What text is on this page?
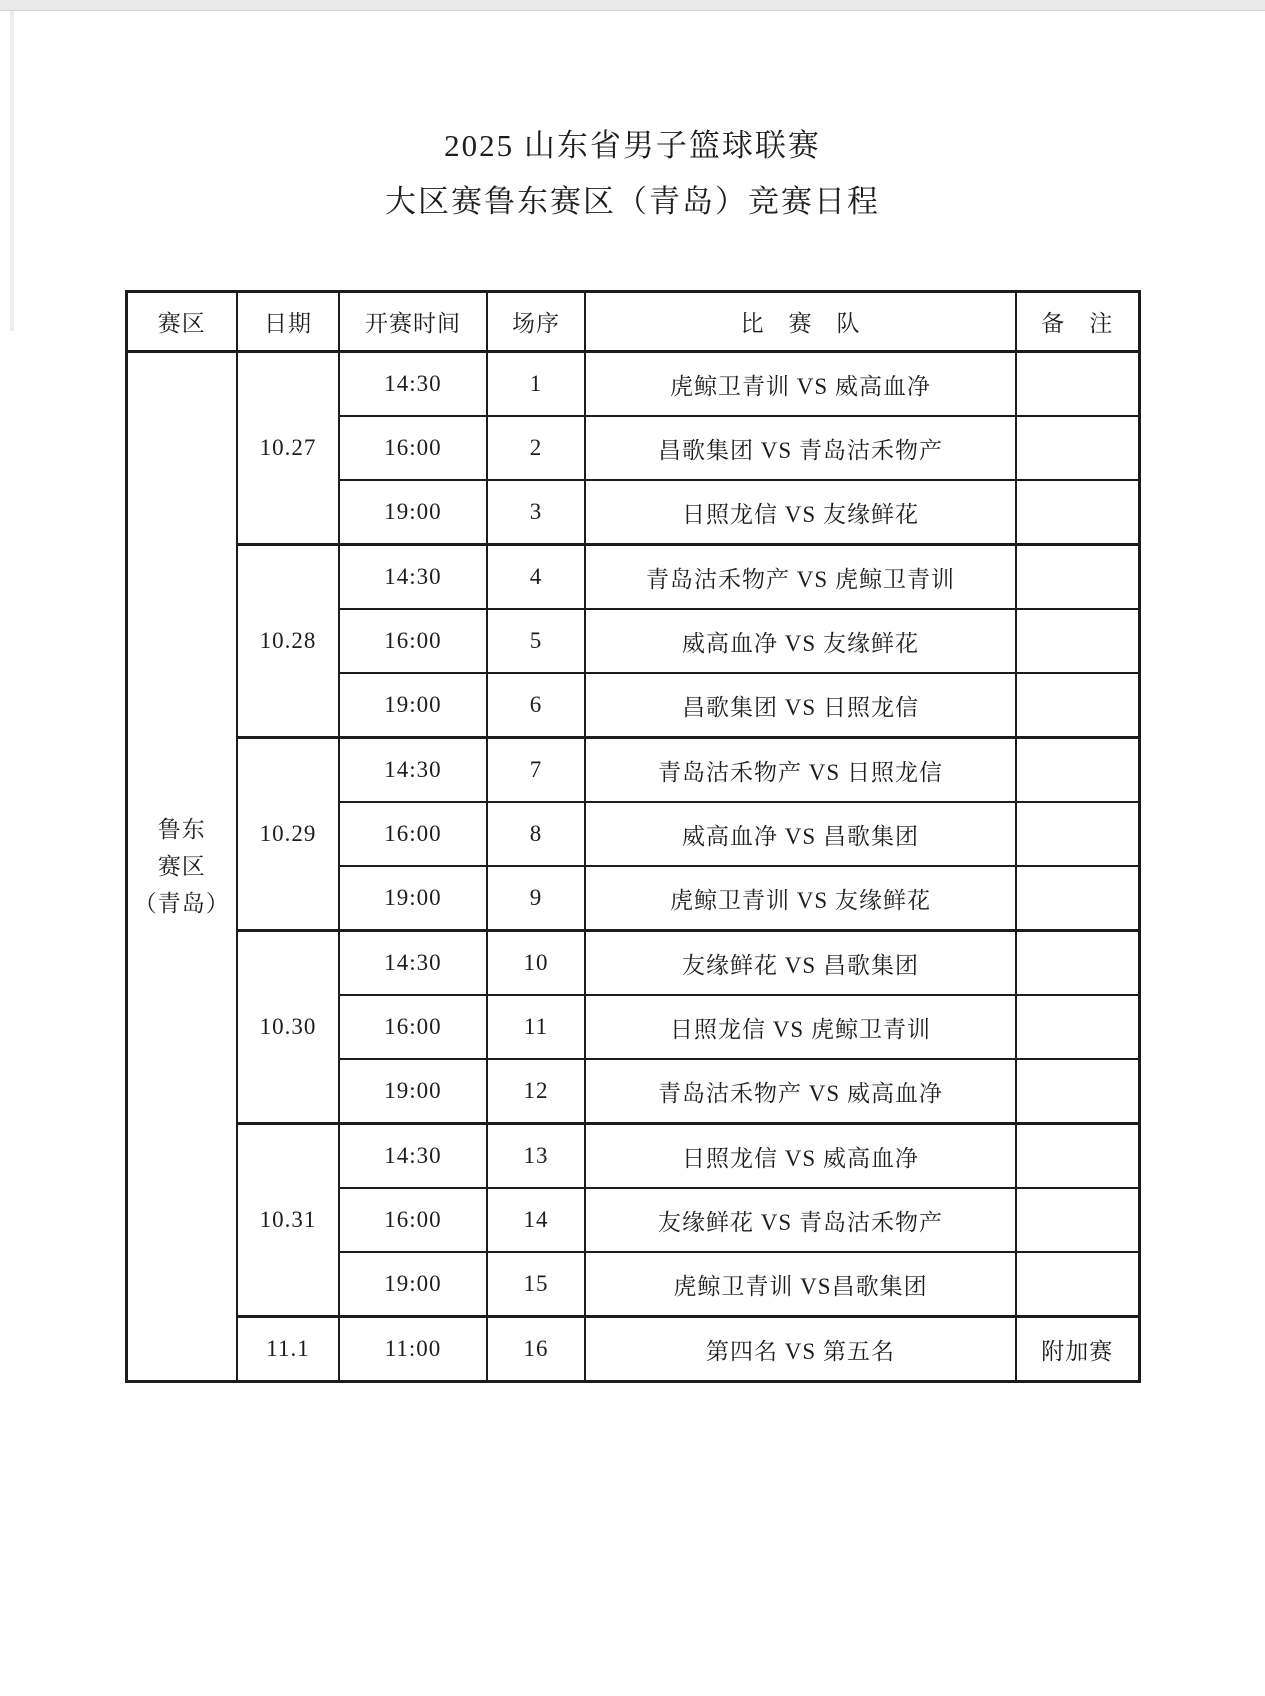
2025 山东省男子篮球联赛
大区赛鲁东赛区（青岛）竞赛日程
赛区	日期	开赛时间	场序	比　赛　队	备　注

鲁东
赛区
（青岛）	10.27	14:30	1	虎鲸卫青训 VS 威高血净	
		16:00	2	昌歌集团 VS 青岛沽禾物产	
		19:00	3	日照龙信 VS 友缘鲜花	
	10.28	14:30	4	青岛沽禾物产 VS 虎鲸卫青训	
		16:00	5	威高血净 VS 友缘鲜花	
		19:00	6	昌歌集团 VS 日照龙信	
	10.29	14:30	7	青岛沽禾物产 VS 日照龙信	
		16:00	8	威高血净 VS 昌歌集团	
		19:00	9	虎鲸卫青训 VS 友缘鲜花	
	10.30	14:30	10	友缘鲜花 VS 昌歌集团	
		16:00	11	日照龙信 VS 虎鲸卫青训	
		19:00	12	青岛沽禾物产 VS 威高血净	
	10.31	14:30	13	日照龙信 VS 威高血净	
		16:00	14	友缘鲜花 VS 青岛沽禾物产	
		19:00	15	虎鲸卫青训 VS昌歌集团	
	11.1	11:00	16	第四名 VS 第五名	附加赛
